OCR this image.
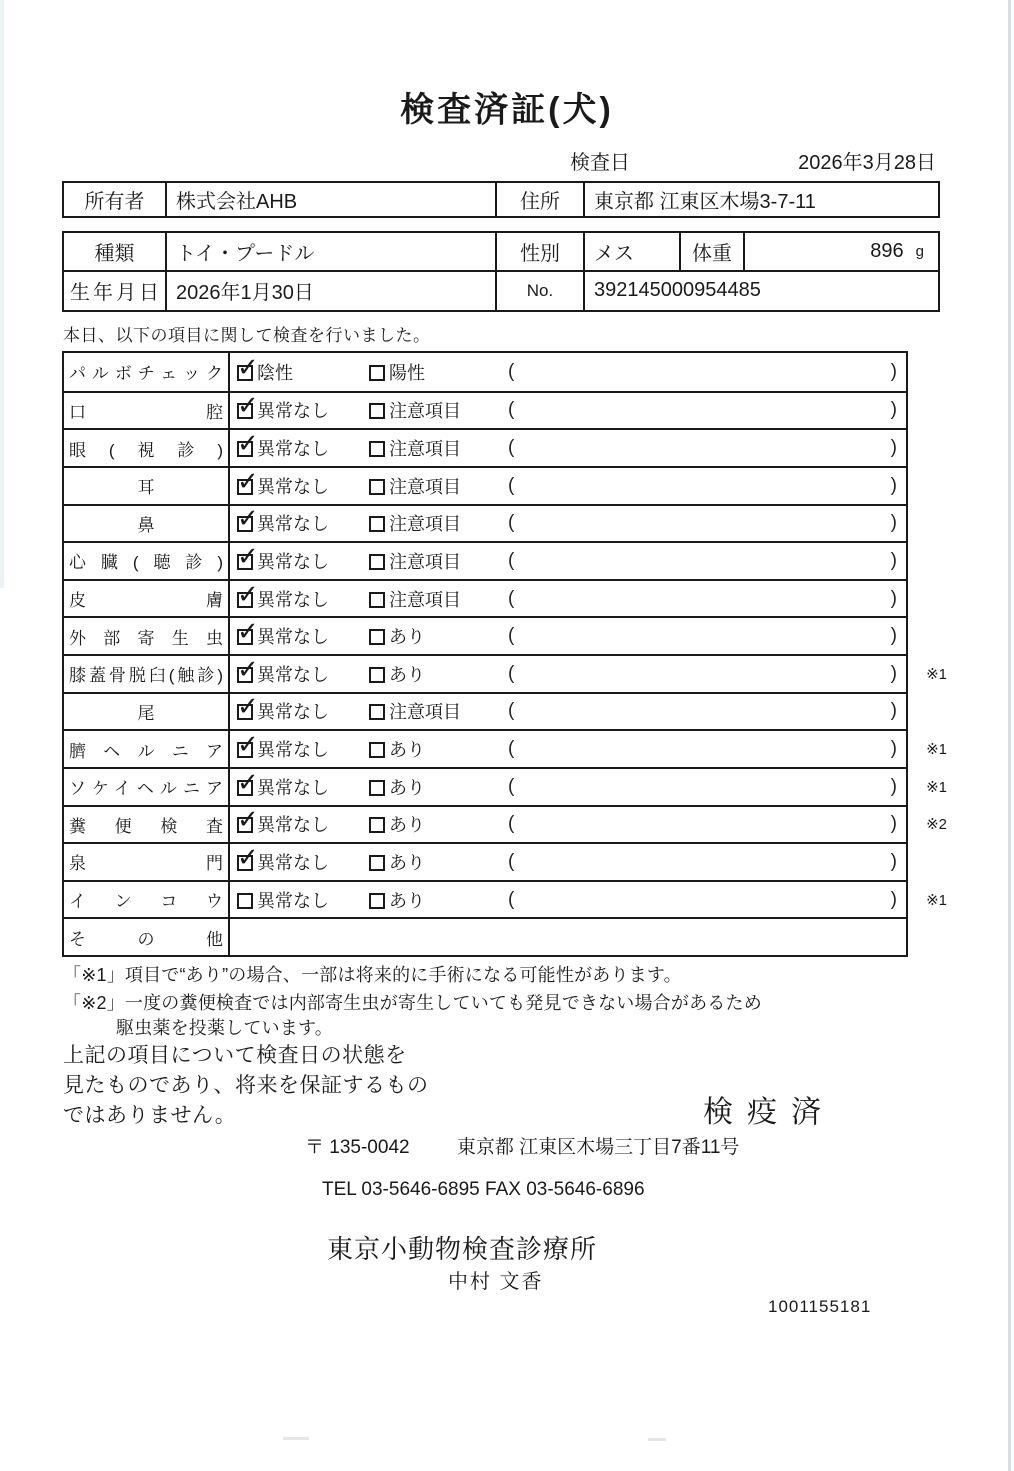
検査済証(犬)
検査日	2026年3月28日
所有者	株式会社AHB	住所	東京都 江東区木場3-7-11
種類	トイ・プードル	性別	メス	体重	896 g
生年月日 2026年1月30日	No.	392145000954485
本日、以下の項目に関して検査を行いました。
パルボチェック ✓	陰性	陽性	(	)
口腔 ✓	異常なし	注意項目 (	)
眼(視診) ✓	異常なし	注意項目 (	)
耳 ✓	異常なし	注意項目 (	)
鼻 ✓	異常なし	注意項目 (	)
心臓(聴診) ✓	異常なし	注意項目 (	)
皮膚 ✓	異常なし	注意項目 (	)
外部寄生虫 ✓	異常なし	あり	(	)
膝蓋骨脱臼(触診) ✓	異常なし	あり	(	) ※1
尾 ✓	異常なし	注意項目 (	)
臍ヘルニア ✓	異常なし	あり	(	) ※1
ソケイヘルニア ✓	異常なし	あり	(	) ※1
糞便検査 ✓	異常なし	あり	(	) ※2
泉門 ✓	異常なし	あり	(	)
インコウ	異常なし	あり	(	) ※1
その他
「※1」項目で“あり”の場合、一部は将来的に手術になる可能性があります。
「※2」一度の糞便検査では内部寄生虫が寄生していても発見できない場合があるため
駆虫薬を投薬しています。
上記の項目について検査日の状態を
見たものであり、将来を保証するもの
ではありません。	検疫済
〒 135-0042 東京都 江東区木場三丁目7番11号
TEL 03-5646-6895 FAX 03-5646-6896
東京小動物検査診療所
中村 文香
1001155181
